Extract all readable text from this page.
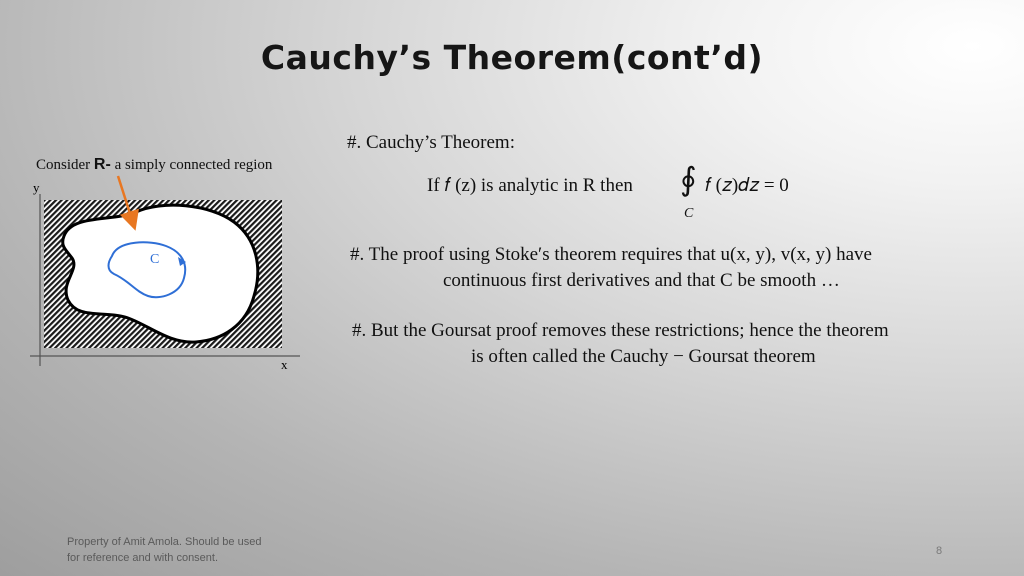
Cauchy’s Theorem(cont’d)
Consider R- a simply connected region
y
x
C
#. Cauchy’s Theorem:
If 𝑓 (z) is analytic in R then ∮
C
𝑓 (𝑧)𝑑𝑧 = 0
#. The proof using Stoke′s theorem requires that u(x, y), v(x, y) have
continuous first derivatives and that C be smooth …
#. But the Goursat proof removes these restrictions; hence the theorem
is often called the Cauchy − Goursat theorem
Property of Amit Amola. Should be used
for reference and with consent.
8
